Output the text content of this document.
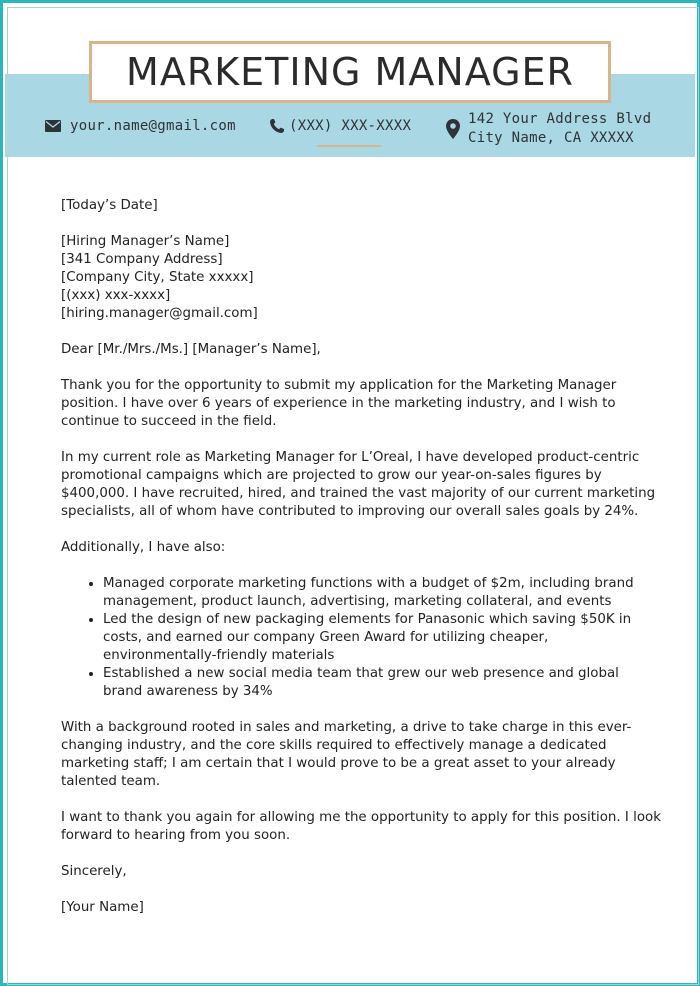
MARKETING MANAGER
your.name@gmail.com	(XXX) XXX-XXXX	142 Your Address Blvd
City Name, CA XXXXX

[Today’s Date]

[Hiring Manager’s Name]

[341 Company Address]

[Company City, State xxxxx]

[(xxx) xxx-xxxx]

[hiring.manager@gmail.com]

Dear [Mr./Mrs./Ms.] [Manager’s Name],

Thank you for the opportunity to submit my application for the Marketing Manager position. I have over 6 years of experience in the marketing industry, and I wish to continue to succeed in the field.

In my current role as Marketing Manager for L’Oreal, I have developed product-centric promotional campaigns which are projected to grow our year-on-sales figures by $400,000. I have recruited, hired, and trained the vast majority of our current marketing specialists, all of whom have contributed to improving our overall sales goals by 24%.

Additionally, I have also:

• Managed corporate marketing functions with a budget of $2m, including brand management, product launch, advertising, marketing collateral, and events
• Led the design of new packaging elements for Panasonic which saving $50K in costs, and earned our company Green Award for utilizing cheaper, environmentally-friendly materials
• Established a new social media team that grew our web presence and global brand awareness by 34%

With a background rooted in sales and marketing, a drive to take charge in this ever-changing industry, and the core skills required to effectively manage a dedicated marketing staff; I am certain that I would prove to be a great asset to your already talented team.

I want to thank you again for allowing me the opportunity to apply for this position. I look forward to hearing from you soon.

Sincerely,

[Your Name]
